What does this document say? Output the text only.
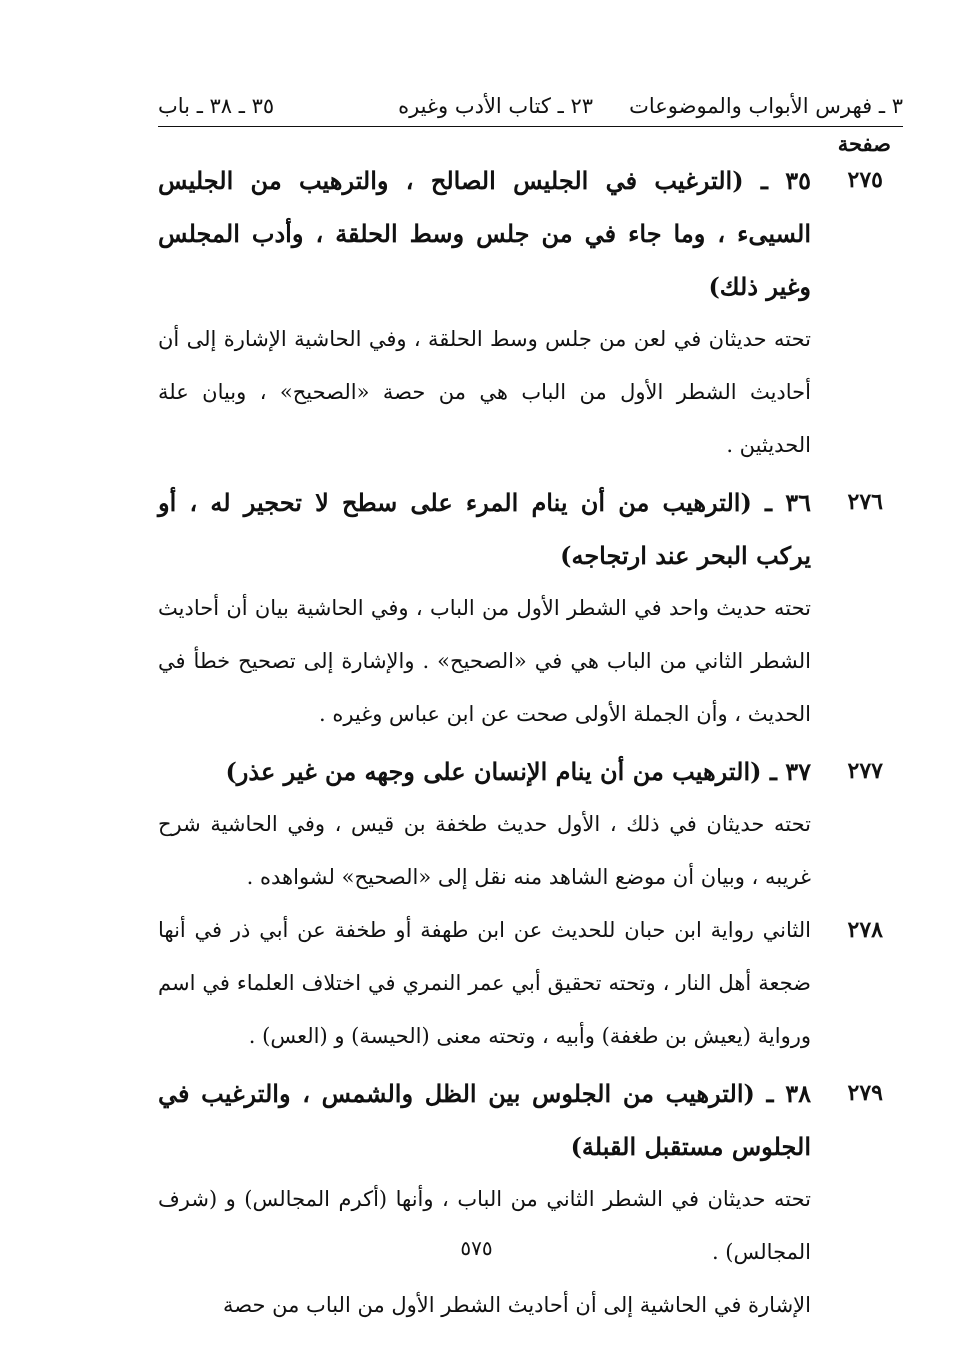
٣ ـ فهرس الأبواب والموضوعات
٢٣ ـ كتاب الأدب وغيره
٣٥ ـ ٣٨ ـ باب
صفحة
٢٧٥

٣٥ ـ (الترغيب في الجليس الصالح ، والترهيب من الجليس السيىء ، وما جاء في من جلس وسط الحلقة ، وأدب المجلس وغير ذلك)

تحته حديثان في لعن من جلس وسط الحلقة ، وفي الحاشية الإشارة إلى أن أحاديث الشطر الأول من الباب هي من حصة «الصحيح» ، وبيان علة الحديثين .

٢٧٦

٣٦ ـ (الترهيب من أن ينام المرء على سطح لا تحجير له ، أو يركب البحر عند ارتجاجه)

تحته حديث واحد في الشطر الأول من الباب ، وفي الحاشية بيان أن أحاديث الشطر الثاني من الباب هي في «الصحيح» . والإشارة إلى تصحيح خطأ في الحديث ، وأن الجملة الأولى صحت عن ابن عباس وغيره .

٢٧٧

٣٧ ـ (الترهيب من أن ينام الإنسان على وجهه من غير عذر)

تحته حديثان في ذلك ، الأول حديث طخفة بن قيس ، وفي الحاشية شرح غريبه ، وبيان أن موضع الشاهد منه نقل إلى «الصحيح» لشواهده .

٢٧٨

الثاني رواية ابن حبان للحديث عن ابن طهفة أو طخفة عن أبي ذر في أنها ضجعة أهل النار ، وتحته تحقيق أبي عمر النمري في اختلاف العلماء في اسم ورواية (يعيش بن طغفة) وأبيه ، وتحته معنى (الحيسة) و (العس) .

٢٧٩

٣٨ ـ (الترهيب من الجلوس بين الظل والشمس ، والترغيب في الجلوس مستقبل القبلة)

تحته حديثان في الشطر الثاني من الباب ، وأنها (أكرم المجالس) و (شرف المجالس) .

الإشارة في الحاشية إلى أن أحاديث الشطر الأول من الباب من حصة

٥٧٥
